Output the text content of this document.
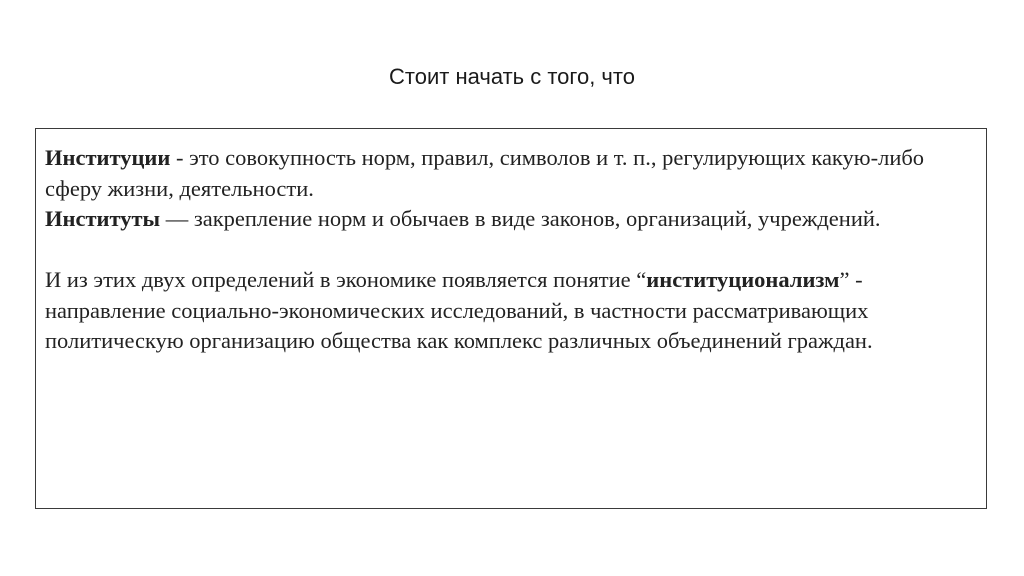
Стоит начать с того, что

Институции - это совокупность норм, правил, символов и т. п., регулирующих какую-либо сферу жизни, деятельности.

Институты — закрепление норм и обычаев в виде законов, организаций, учреждений.

И из этих двух определений в экономике появляется понятие “институционализм” - направление социально-экономических исследований, в частности рассматривающих политическую организацию общества как комплекс различных объединений граждан.
